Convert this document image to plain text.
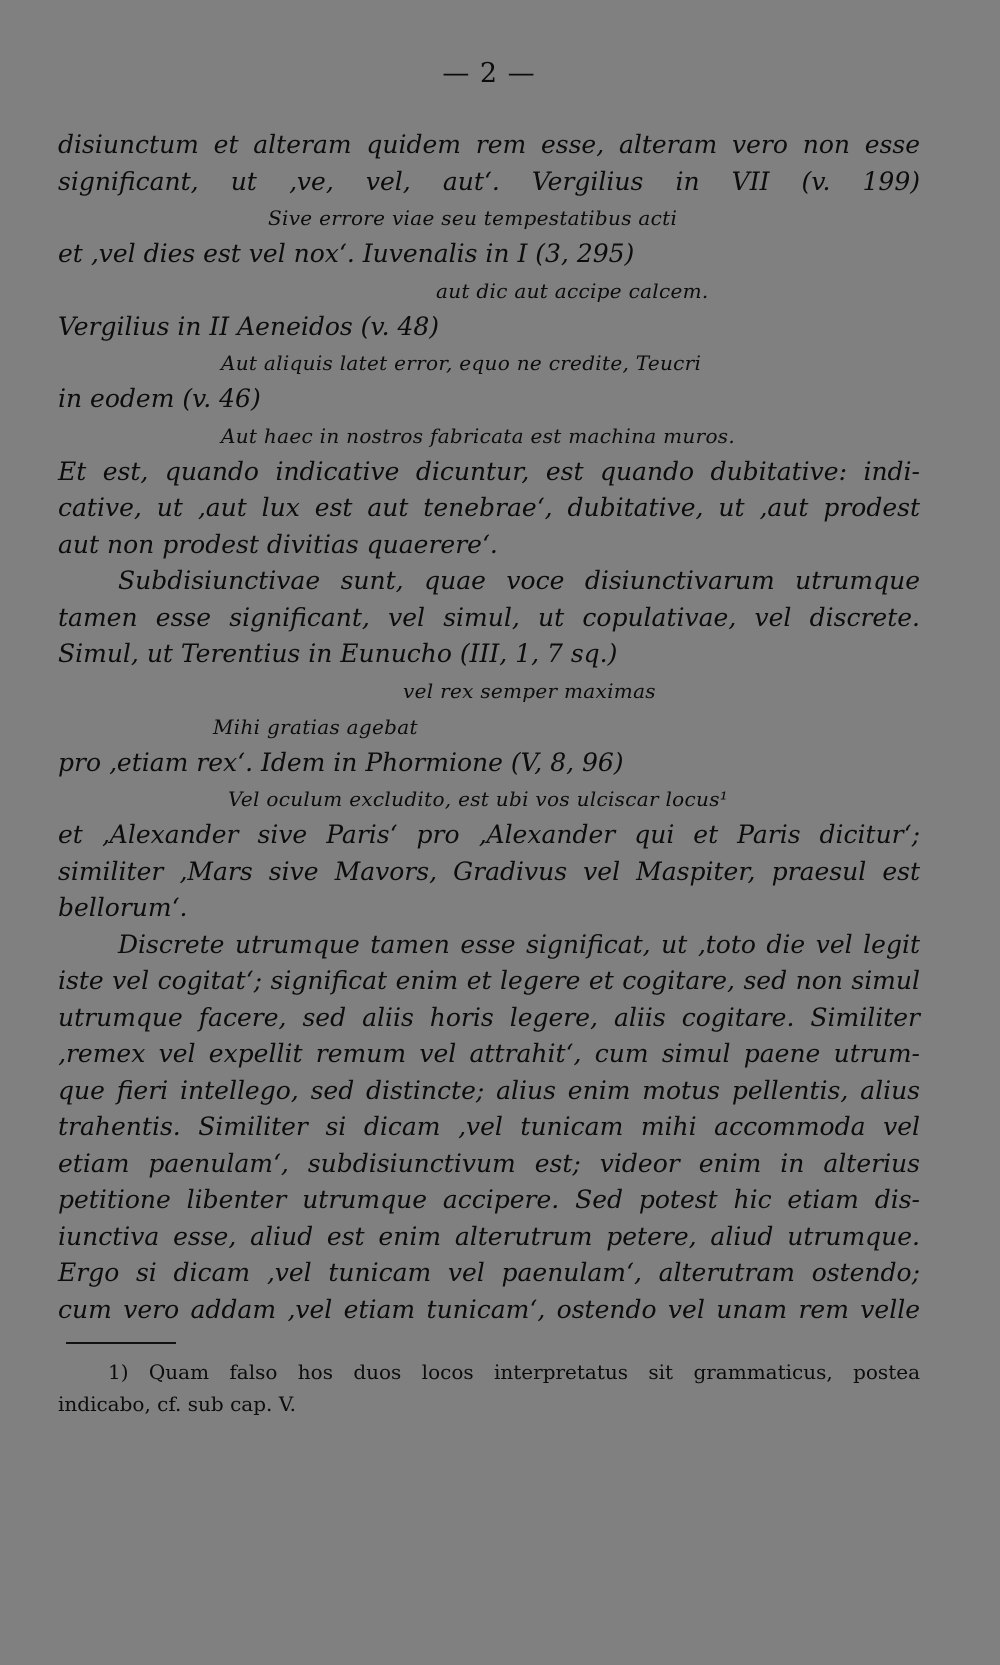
— 2 —
disiunctum et alteram quidem rem esse, alteram vero non esse
significant, ut ‚ve, vel, aut‘. Vergilius in VII (v. 199)
Sive errore viae seu tempestatibus acti
et ‚vel dies est vel nox‘. Iuvenalis in I (3, 295)
aut dic aut accipe calcem.
Vergilius in II Aeneidos (v. 48)
Aut aliquis latet error, equo ne credite, Teucri
in eodem (v. 46)
Aut haec in nostros fabricata est machina muros.
Et est, quando indicative dicuntur, est quando dubitative: indi-
cative, ut ‚aut lux est aut tenebrae‘, dubitative, ut ‚aut prodest
aut non prodest divitias quaerere‘.
Subdisiunctivae sunt, quae voce disiunctivarum utrumque
tamen esse significant, vel simul, ut copulativae, vel discrete.
Simul, ut Terentius in Eunucho (III, 1, 7 sq.)
vel rex semper maximas
Mihi gratias agebat
pro ‚etiam rex‘. Idem in Phormione (V, 8, 96)
Vel oculum excludito, est ubi vos ulciscar locus¹
et ‚Alexander sive Paris‘ pro ‚Alexander qui et Paris dicitur‘;
similiter ‚Mars sive Mavors, Gradivus vel Maspiter, praesul est
bellorum‘.
Discrete utrumque tamen esse significat, ut ‚toto die vel legit
iste vel cogitat‘; significat enim et legere et cogitare, sed non simul
utrumque facere, sed aliis horis legere, aliis cogitare. Similiter
‚remex vel expellit remum vel attrahit‘, cum simul paene utrum-
que fieri intellego, sed distincte; alius enim motus pellentis, alius
trahentis. Similiter si dicam ‚vel tunicam mihi accommoda vel
etiam paenulam‘, subdisiunctivum est; videor enim in alterius
petitione libenter utrumque accipere. Sed potest hic etiam dis-
iunctiva esse, aliud est enim alterutrum petere, aliud utrumque.
Ergo si dicam ‚vel tunicam vel paenulam‘, alterutram ostendo;
cum vero addam ‚vel etiam tunicam‘, ostendo vel unam rem velle
1) Quam falso hos duos locos interpretatus sit grammaticus, postea
indicabo, cf. sub cap. V.
